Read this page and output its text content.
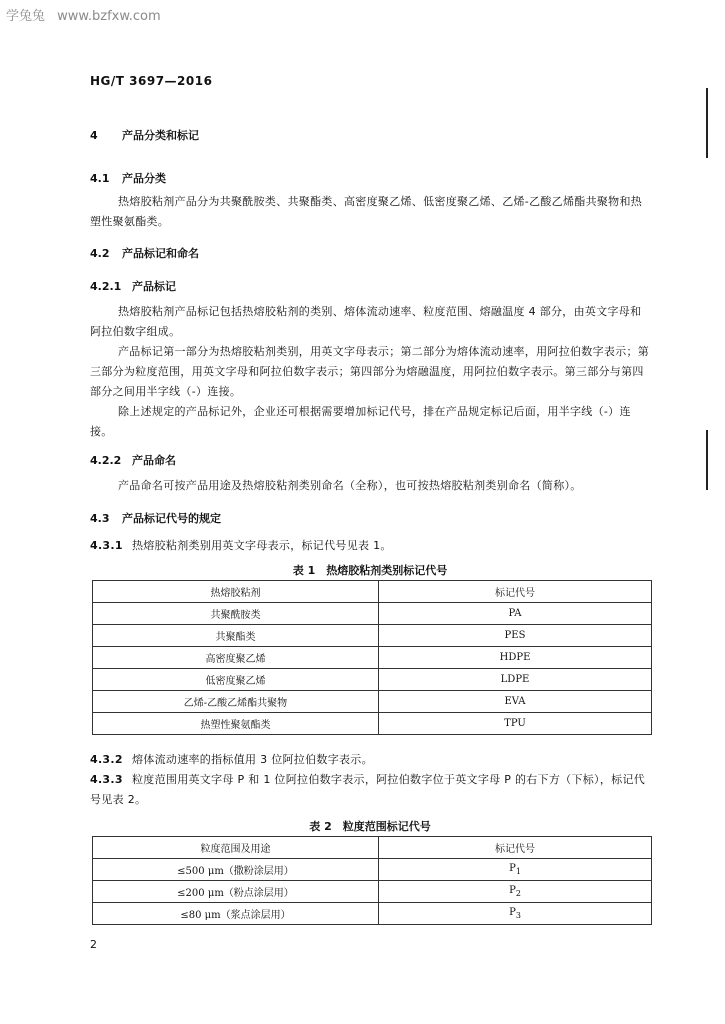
学兔兔 www.bzfxw.com
HG/T 3697—2016
4 产品分类和标记
4.1 产品分类
热熔胶粘剂产品分为共聚酰胺类、共聚酯类、高密度聚乙烯、低密度聚乙烯、乙烯-乙酸乙烯酯共聚物和热塑性聚氨酯类。
4.2 产品标记和命名
4.2.1 产品标记
热熔胶粘剂产品标记包括热熔胶粘剂的类别、熔体流动速率、粒度范围、熔融温度 4 部分，由英文字母和阿拉伯数字组成。
产品标记第一部分为热熔胶粘剂类别，用英文字母表示；第二部分为熔体流动速率，用阿拉伯数字表示；第三部分为粒度范围，用英文字母和阿拉伯数字表示；第四部分为熔融温度，用阿拉伯数字表示。第三部分与第四部分之间用半字线（-）连接。
除上述规定的产品标记外，企业还可根据需要增加标记代号，排在产品规定标记后面，用半字线（-）连接。
4.2.2 产品命名
产品命名可按产品用途及热熔胶粘剂类别命名（全称），也可按热熔胶粘剂类别命名（简称）。
4.3 产品标记代号的规定
4.3.1 热熔胶粘剂类别用英文字母表示，标记代号见表 1。
表 1　热熔胶粘剂类别标记代号
热熔胶粘剂	标记代号
共聚酰胺类	PA
共聚酯类	PES
高密度聚乙烯	HDPE
低密度聚乙烯	LDPE
乙烯-乙酸乙烯酯共聚物	EVA
热塑性聚氨酯类	TPU
4.3.2 熔体流动速率的指标值用 3 位阿拉伯数字表示。
4.3.3 粒度范围用英文字母 P 和 1 位阿拉伯数字表示，阿拉伯数字位于英文字母 P 的右下方（下标），标记代号见表 2。
表 2　粒度范围标记代号
粒度范围及用途	标记代号
≤500 μm（撒粉涂层用）	$P_1$
≤200 μm（粉点涂层用）	$P_2$
≤80 μm（浆点涂层用）	$P_3$
2
